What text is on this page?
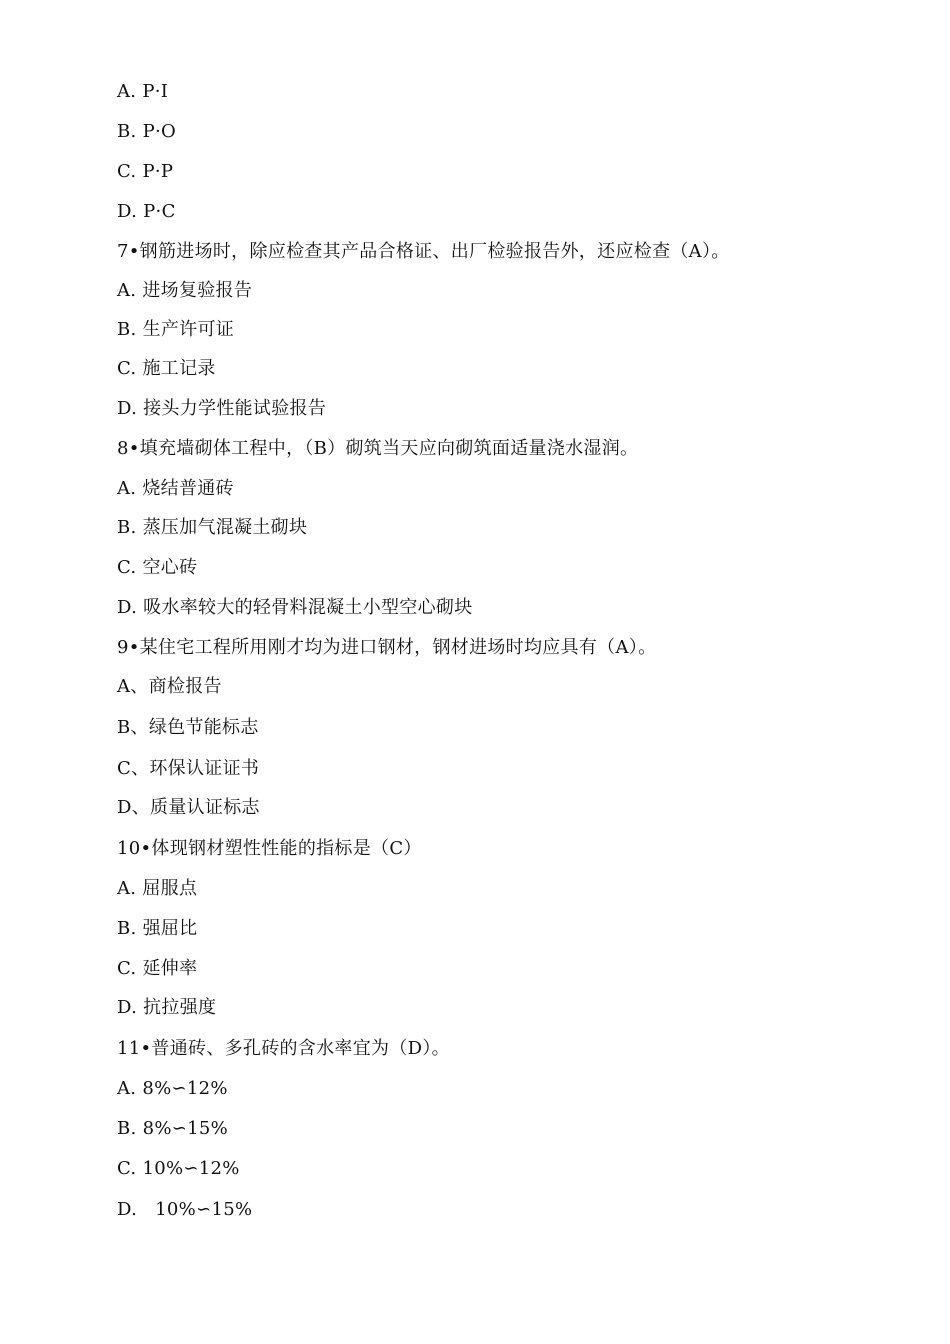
A. P·I
B. P·O
C. P·P
D. P·C
7•钢筋进场时，除应检查其产品合格证、出厂检验报告外，还应检查（A）。
A. 进场复验报告
B. 生产许可证
C. 施工记录
D. 接头力学性能试验报告
8•填充墙砌体工程中，（B）砌筑当天应向砌筑面适量浇水湿润。
A. 烧结普通砖
B. 蒸压加气混凝土砌块
C. 空心砖
D. 吸水率较大的轻骨料混凝土小型空心砌块
9•某住宅工程所用刚才均为进口钢材，钢材进场时均应具有（A）。
A、商检报告
B、绿色节能标志
C、环保认证证书
D、质量认证标志
10•体现钢材塑性性能的指标是（C）
A. 屈服点
B. 强屈比
C. 延伸率
D. 抗拉强度
11•普通砖、多孔砖的含水率宜为（D）。
A. 8%∽12%
B. 8%∽15%
C. 10%∽12%
D.   10%∽15%
